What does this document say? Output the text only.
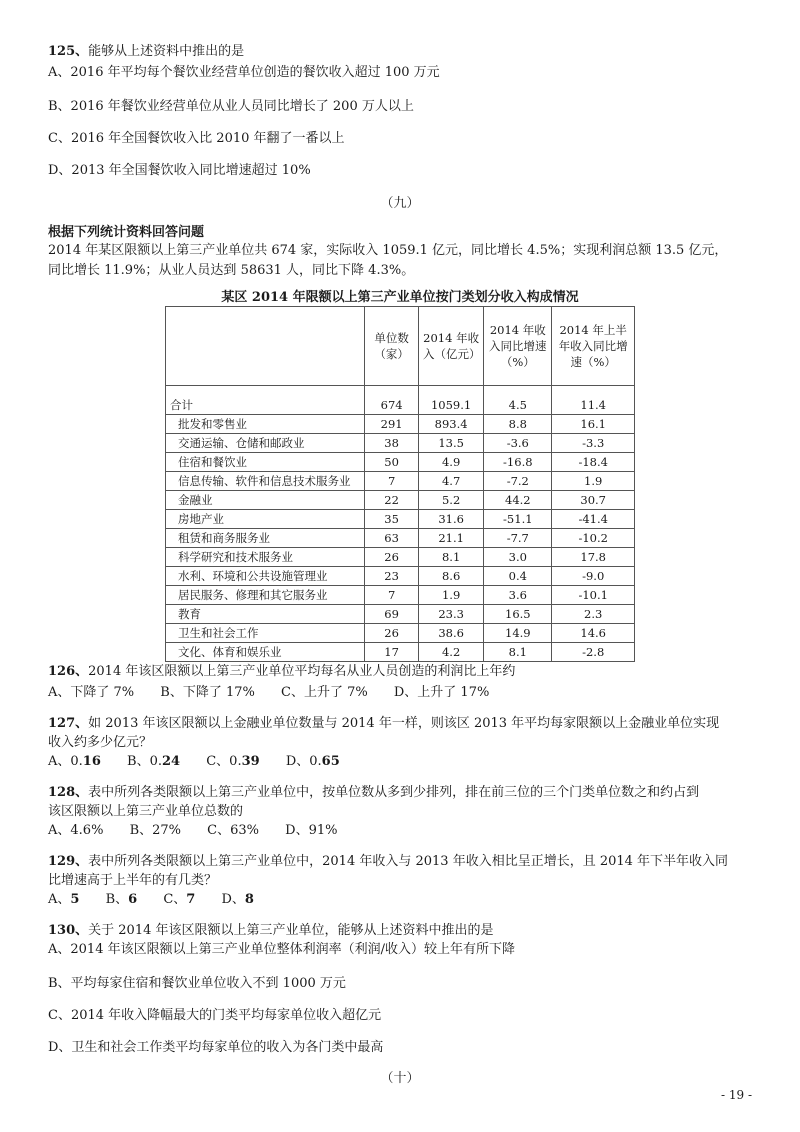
125、能够从上述资料中推出的是
A、2016 年平均每个餐饮业经营单位创造的餐饮收入超过 100 万元
B、2016 年餐饮业经营单位从业人员同比增长了 200 万人以上
C、2016 年全国餐饮收入比 2010 年翻了一番以上
D、2013 年全国餐饮收入同比增速超过 10%
（九）
根据下列统计资料回答问题
2014 年某区限额以上第三产业单位共 674 家，实际收入 1059.1 亿元，同比增长 4.5%；实现利润总额 13.5 亿元，
同比增长 11.9%；从业人员达到 58631 人，同比下降 4.3%。
某区 2014 年限额以上第三产业单位按门类划分收入构成情况
	单位数（家）	2014 年收入（亿元）	2014 年收入同比增速（%）	2014 年上半年收入同比增速（%）
合计	674	1059.1	4.5	11.4
批发和零售业	291	893.4	8.8	16.1
交通运输、仓储和邮政业	38	13.5	-3.6	-3.3
住宿和餐饮业	50	4.9	-16.8	-18.4
信息传输、软件和信息技术服务业	7	4.7	-7.2	1.9
金融业	22	5.2	44.2	30.7
房地产业	35	31.6	-51.1	-41.4
租赁和商务服务业	63	21.1	-7.7	-10.2
科学研究和技术服务业	26	8.1	3.0	17.8
水利、环境和公共设施管理业	23	8.6	0.4	-9.0
居民服务、修理和其它服务业	7	1.9	3.6	-10.1
教育	69	23.3	16.5	2.3
卫生和社会工作	26	38.6	14.9	14.6
文化、体育和娱乐业	17	4.2	8.1	-2.8
126、2014 年该区限额以上第三产业单位平均每名从业人员创造的利润比上年约
A、下降了 7% B、下降了 17% C、上升了 7% D、上升了 17%
127、如 2013 年该区限额以上金融业单位数量与 2014 年一样，则该区 2013 年平均每家限额以上金融业单位实现
收入约多少亿元？
A、0.16 B、0.24 C、0.39 D、0.65
128、表中所列各类限额以上第三产业单位中，按单位数从多到少排列，排在前三位的三个门类单位数之和约占到
该区限额以上第三产业单位总数的
A、4.6% B、27% C、63% D、91%
129、表中所列各类限额以上第三产业单位中，2014 年收入与 2013 年收入相比呈正增长，且 2014 年下半年收入同
比增速高于上半年的有几类？
A、5 B、6 C、7 D、8
130、关于 2014 年该区限额以上第三产业单位，能够从上述资料中推出的是
A、2014 年该区限额以上第三产业单位整体利润率（利润/收入）较上年有所下降
B、平均每家住宿和餐饮业单位收入不到 1000 万元
C、2014 年收入降幅最大的门类平均每家单位收入超亿元
D、卫生和社会工作类平均每家单位的收入为各门类中最高
（十）
- 19 -
